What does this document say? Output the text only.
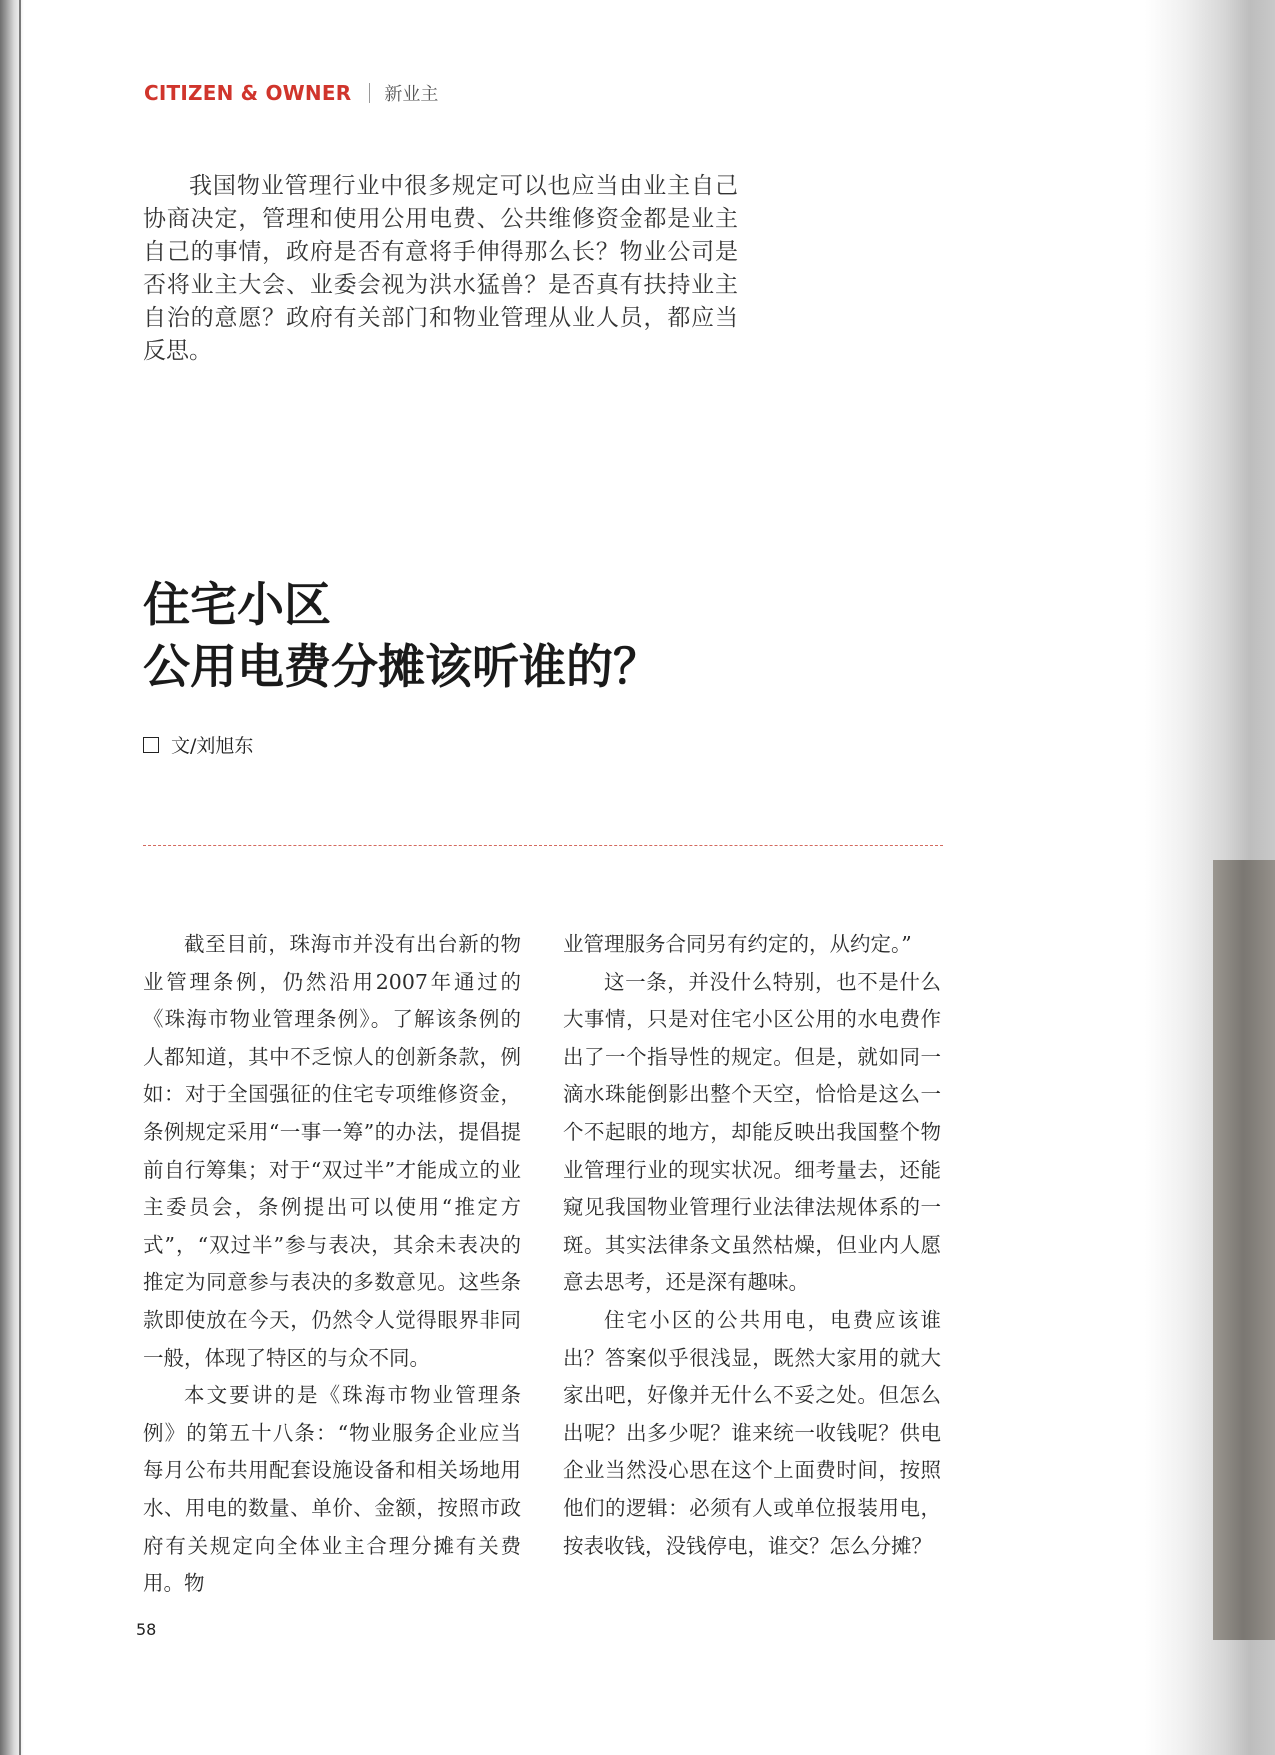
CITIZEN & OWNER 新业主

我国物业管理行业中很多规定可以也应当由业主自己协商决定，管理和使用公用电费、公共维修资金都是业主自己的事情，政府是否有意将手伸得那么长？物业公司是否将业主大会、业委会视为洪水猛兽？是否真有扶持业主自治的意愿？政府有关部门和物业管理从业人员，都应当反思。

住宅小区
公用电费分摊该听谁的？
文/刘旭东

截至目前，珠海市并没有出台新的物业管理条例，仍然沿用2007年通过的《珠海市物业管理条例》。了解该条例的人都知道，其中不乏惊人的创新条款，例如：对于全国强征的住宅专项维修资金，条例规定采用“一事一筹”的办法，提倡提前自行筹集；对于“双过半”才能成立的业主委员会，条例提出可以使用“推定方式”，“双过半”参与表决，其余未表决的推定为同意参与表决的多数意见。这些条款即使放在今天，仍然令人觉得眼界非同一般，体现了特区的与众不同。

本文要讲的是《珠海市物业管理条例》的第五十八条：“物业服务企业应当每月公布共用配套设施设备和相关场地用水、用电的数量、单价、金额，按照市政府有关规定向全体业主合理分摊有关费用。物

业管理服务合同另有约定的，从约定。”

这一条，并没什么特别，也不是什么大事情，只是对住宅小区公用的水电费作出了一个指导性的规定。但是，就如同一滴水珠能倒影出整个天空，恰恰是这么一个不起眼的地方，却能反映出我国整个物业管理行业的现实状况。细考量去，还能窥见我国物业管理行业法律法规体系的一斑。其实法律条文虽然枯燥，但业内人愿意去思考，还是深有趣味。

住宅小区的公共用电，电费应该谁出？答案似乎很浅显，既然大家用的就大家出吧，好像并无什么不妥之处。但怎么出呢？出多少呢？谁来统一收钱呢？供电企业当然没心思在这个上面费时间，按照他们的逻辑：必须有人或单位报装用电，按表收钱，没钱停电，谁交？怎么分摊？

58
